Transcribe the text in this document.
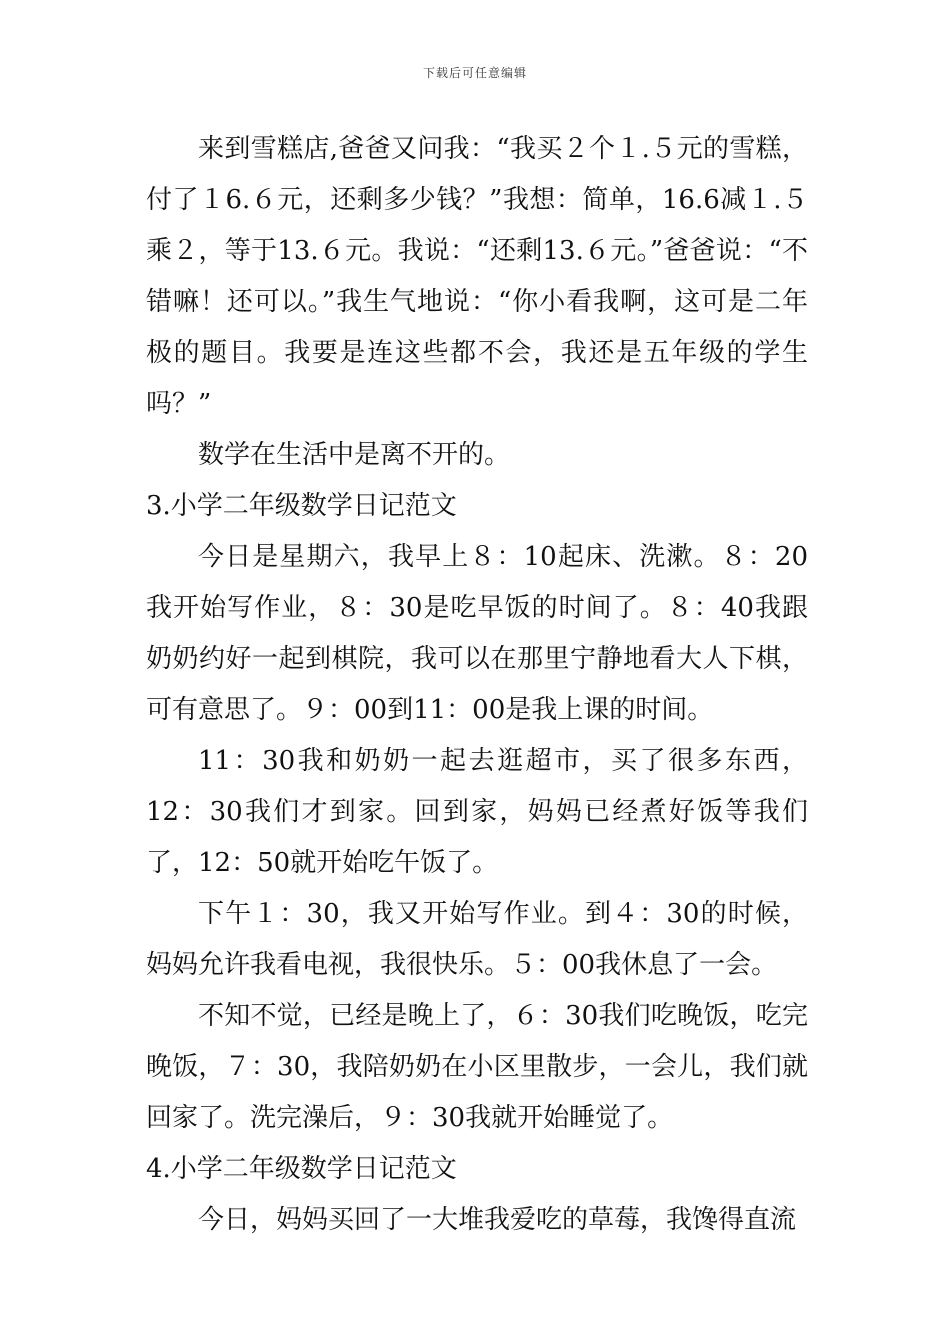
下载后可任意编辑

来到雪糕店,爸爸又问我：“我买２个１.５元的雪糕，付了１6.６元，还剩多少钱？”我想：简单，16.6减１.５乘２，等于13.６元。我说：“还剩13.６元。”爸爸说：“不错嘛！还可以。”我生气地说：“你小看我啊，这可是二年极的题目。我要是连这些都不会，我还是五年级的学生吗？”

数学在生活中是离不开的。

3.小学二年级数学日记范文

今日是星期六，我早上８：10起床、洗漱。８：20我开始写作业，８：30是吃早饭的时间了。８：40我跟奶奶约好一起到棋院，我可以在那里宁静地看大人下棋，可有意思了。９：00到11：00是我上课的时间。

11：30我和奶奶一起去逛超市，买了很多东西，12：30我们才到家。回到家，妈妈已经煮好饭等我们了，12：50就开始吃午饭了。

下午１：30，我又开始写作业。到４：30的时候，妈妈允许我看电视，我很快乐。５：00我休息了一会。

不知不觉，已经是晚上了，６：30我们吃晚饭，吃完晚饭，７：30，我陪奶奶在小区里散步，一会儿，我们就回家了。洗完澡后，９：30我就开始睡觉了。

4.小学二年级数学日记范文

今日，妈妈买回了一大堆我爱吃的草莓，我馋得直流
